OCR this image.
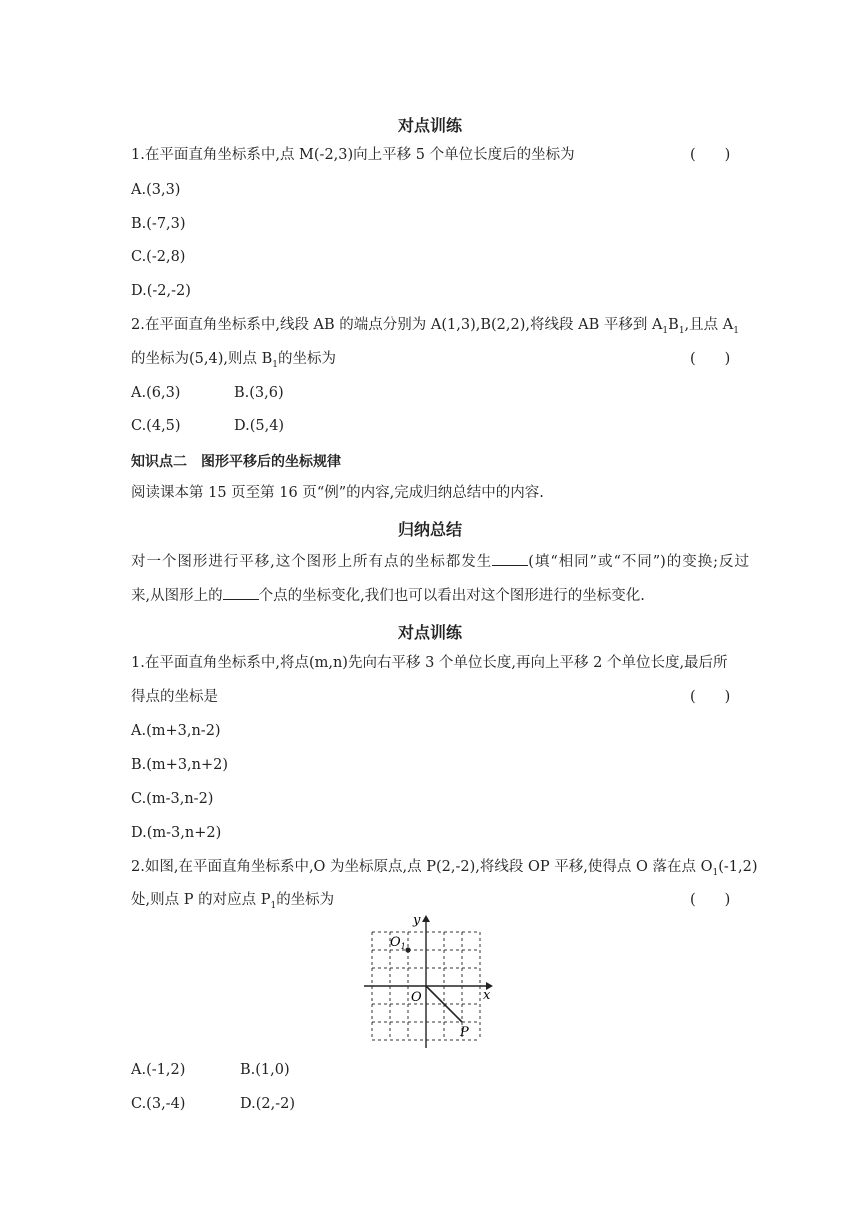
对点训练
1.在平面直角坐标系中,点 M(-2,3)向上平移 5 个单位长度后的坐标为	(　　)
A.(3,3)
B.(-7,3)
C.(-2,8)
D.(-2,-2)
2.在平面直角坐标系中,线段 AB 的端点分别为 A(1,3),B(2,2),将线段 AB 平移到 $A_1B_1$,且点 $A_1$
的坐标为(5,4),则点 $B_1$的坐标为	(　　)
A.(6,3)	B.(3,6)
C.(4,5)	D.(5,4)
知识点二　图形平移后的坐标规律
阅读课本第 15 页至第 16 页“例”的内容,完成归纳总结中的内容.
归纳总结
对一个图形进行平移,这个图形上所有点的坐标都发生 (填“相同”或“不同”)的变换;反过
来,从图形上的 个点的坐标变化,我们也可以看出对这个图形进行的坐标变化.
对点训练
1.在平面直角坐标系中,将点(m,n)先向右平移 3 个单位长度,再向上平移 2 个单位长度,最后所
得点的坐标是	(　　)
A.(m+3,n-2)
B.(m+3,n+2)
C.(m-3,n-2)
D.(m-3,n+2)
2.如图,在平面直角坐标系中,O 为坐标原点,点 P(2,-2),将线段 OP 平移,使得点 O 落在点 $O_1(-1,2)$
处,则点 P 的对应点 $P_1$的坐标为	(　　)
x
y
O
$O_1$
P
A.(-1,2)	B.(1,0)
C.(3,-4)	D.(2,-2)
